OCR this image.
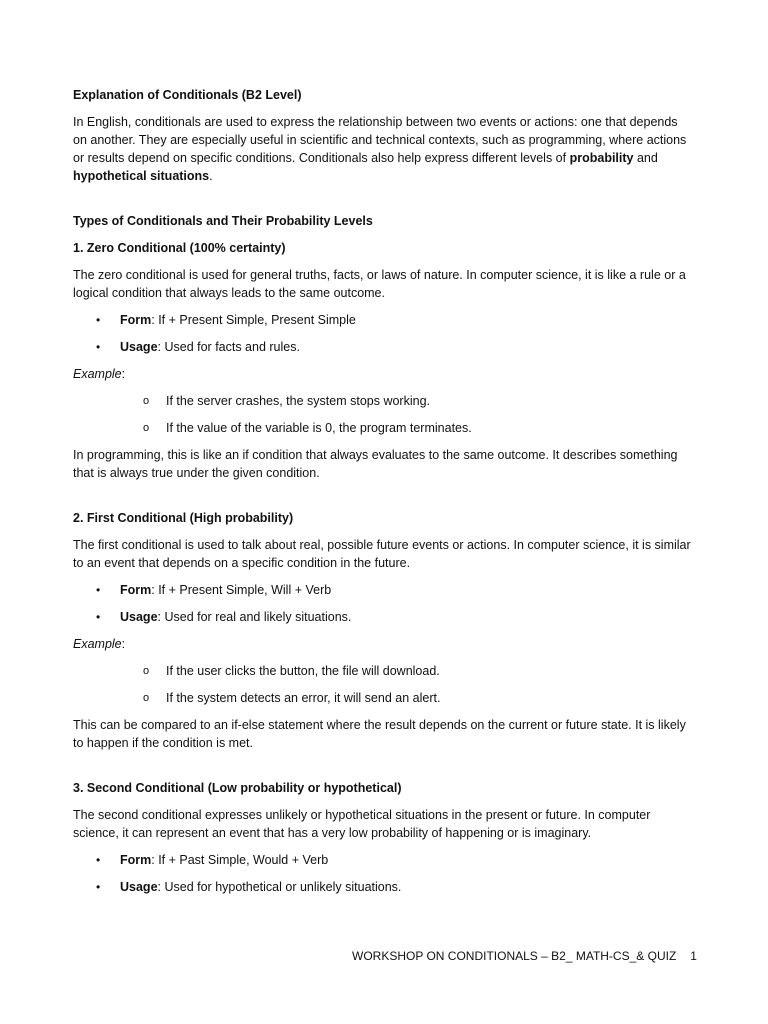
Explanation of Conditionals (B2 Level)

In English, conditionals are used to express the relationship between two events or actions: one that depends on another. They are especially useful in scientific and technical contexts, such as programming, where actions or results depend on specific conditions. Conditionals also help express different levels of probability and hypothetical situations.

Types of Conditionals and Their Probability Levels
1. Zero Conditional (100% certainty)

The zero conditional is used for general truths, facts, or laws of nature. In computer science, it is like a rule or a logical condition that always leads to the same outcome.

• Form: If + Present Simple, Present Simple
• Usage: Used for facts and rules.

Example:

o If the server crashes, the system stops working.
o If the value of the variable is 0, the program terminates.

In programming, this is like an if condition that always evaluates to the same outcome. It describes something that is always true under the given condition.

2. First Conditional (High probability)

The first conditional is used to talk about real, possible future events or actions. In computer science, it is similar to an event that depends on a specific condition in the future.

• Form: If + Present Simple, Will + Verb
• Usage: Used for real and likely situations.

Example:

o If the user clicks the button, the file will download.
o If the system detects an error, it will send an alert.

This can be compared to an if-else statement where the result depends on the current or future state. It is likely to happen if the condition is met.

3. Second Conditional (Low probability or hypothetical)

The second conditional expresses unlikely or hypothetical situations in the present or future. In computer science, it can represent an event that has a very low probability of happening or is imaginary.

• Form: If + Past Simple, Would + Verb
• Usage: Used for hypothetical or unlikely situations.
WORKSHOP ON CONDITIONALS – B2_ MATH-CS_& QUIZ 1
